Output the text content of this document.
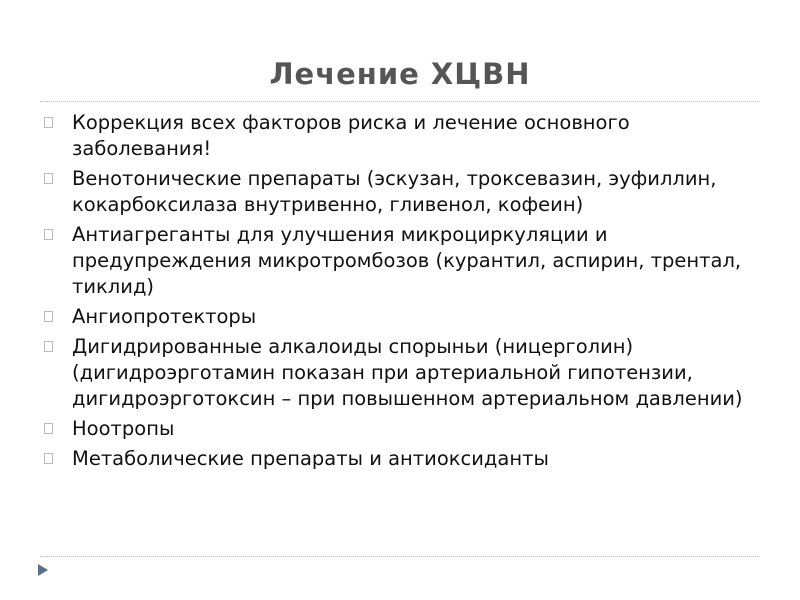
Лечение ХЦВН
Коррекция всех факторов риска и лечение основного заболевания!
Венотонические препараты (эскузан, троксевазин, эуфиллин, кокарбоксилаза внутривенно, гливенол, кофеин)
Антиагреганты для улучшения микроциркуляции и предупреждения микротромбозов (курантил, аспирин, трентал, тиклид)
Ангиопротекторы
Дигидрированные алкалоиды спорыньи (ницерголин)(дигидроэрготамин показан при артериальной гипотензии, дигидроэрготоксин – при повышенном артериальном давлении)
Ноотропы
Метаболические препараты и антиоксиданты
